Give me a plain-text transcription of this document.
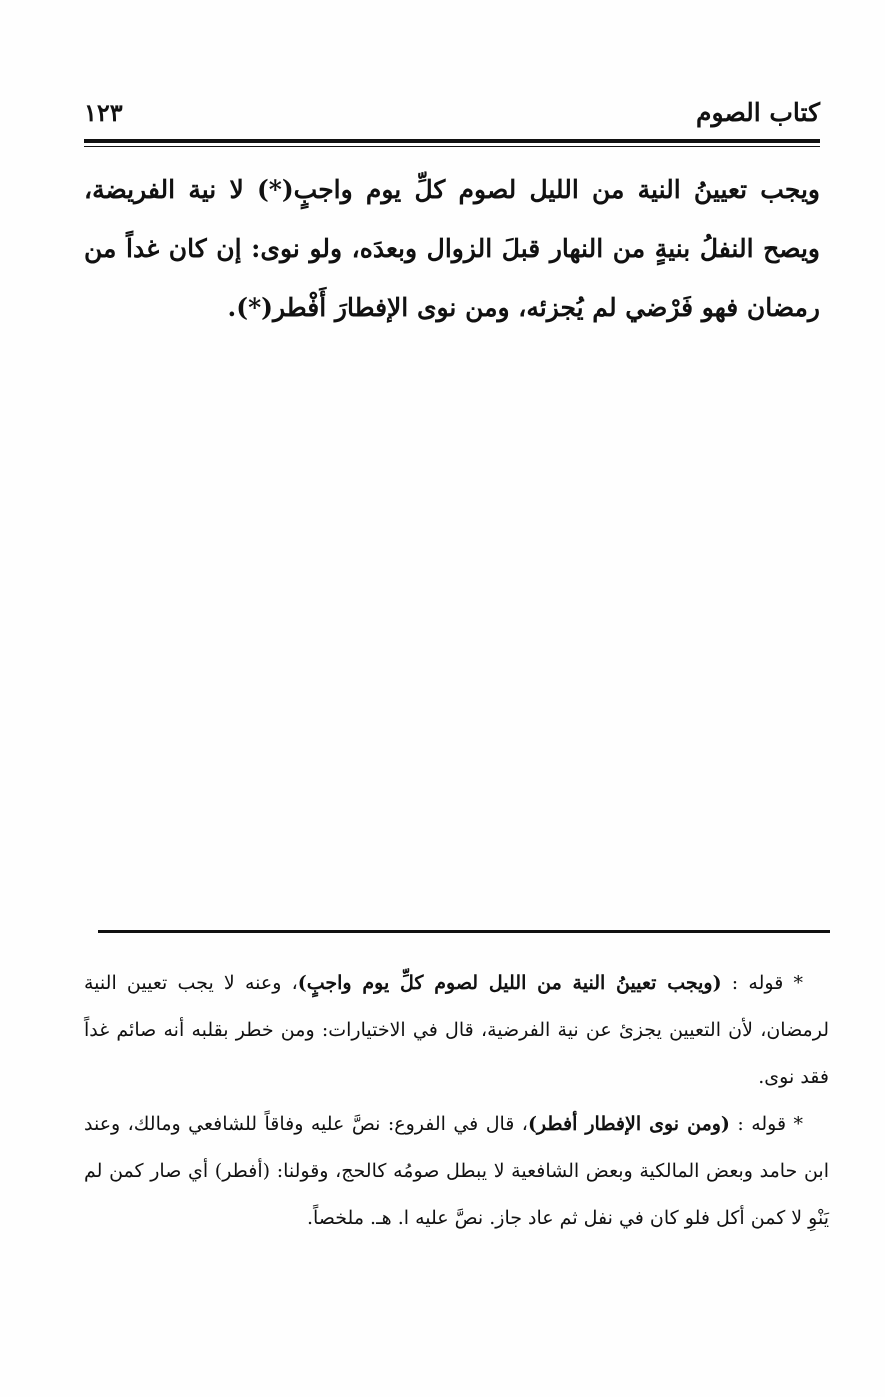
كتاب الصوم
١٢٣

ويجب تعيينُ النية من الليل لصوم كلِّ يوم واجبٍ(*) لا نية الفريضة، ويصح النفلُ بنيةٍ من النهار قبلَ الزوال وبعدَه، ولو نوى: إن كان غداً من رمضان فهو فَرْضي لم يُجزئه، ومن نوى الإفطارَ أَفْطر(*).

* قوله : (ويجب تعيينُ النية من الليل لصوم كلِّ يوم واجبٍ)، وعنه لا يجب تعيين النية لرمضان، لأن التعيين يجزئ عن نية الفرضية، قال في الاختيارات: ومن خطر بقلبه أنه صائم غداً فقد نوى.

* قوله : (ومن نوى الإفطار أفطر)، قال في الفروع: نصَّ عليه وفاقاً للشافعي ومالك، وعند ابن حامد وبعض المالكية وبعض الشافعية لا يبطل صومُه كالحج، وقولنا: (أفطر) أي صار كمن لم يَنْوِ لا كمن أكل فلو كان في نفل ثم عاد جاز. نصَّ عليه ا. هـ. ملخصاً.
